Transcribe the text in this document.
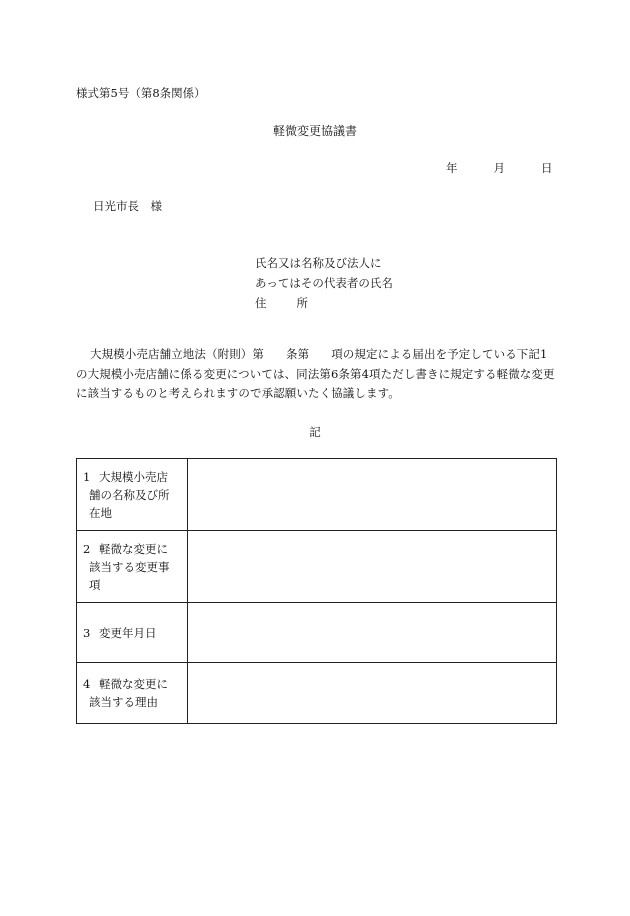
様式第5号（第8条関係）
軽微変更協議書
年	月	日
日光市長　様
氏名又は名称及び法人に
あってはその代表者の氏名
住	所
大規模小売店舗立地法（附則）第 条第 項の規定による届出を予定している下記1の大規模小売店舗に係る変更については、同法第6条第4項ただし書きに規定する軽微な変更に該当するものと考えられますので承認願いたく協議します。
記
1 大規模小売店
舗の名称及び所
在地	

2 軽微な変更に
該当する変更事
項	

3 変更年月日	
4 軽微な変更に
該当する理由	
